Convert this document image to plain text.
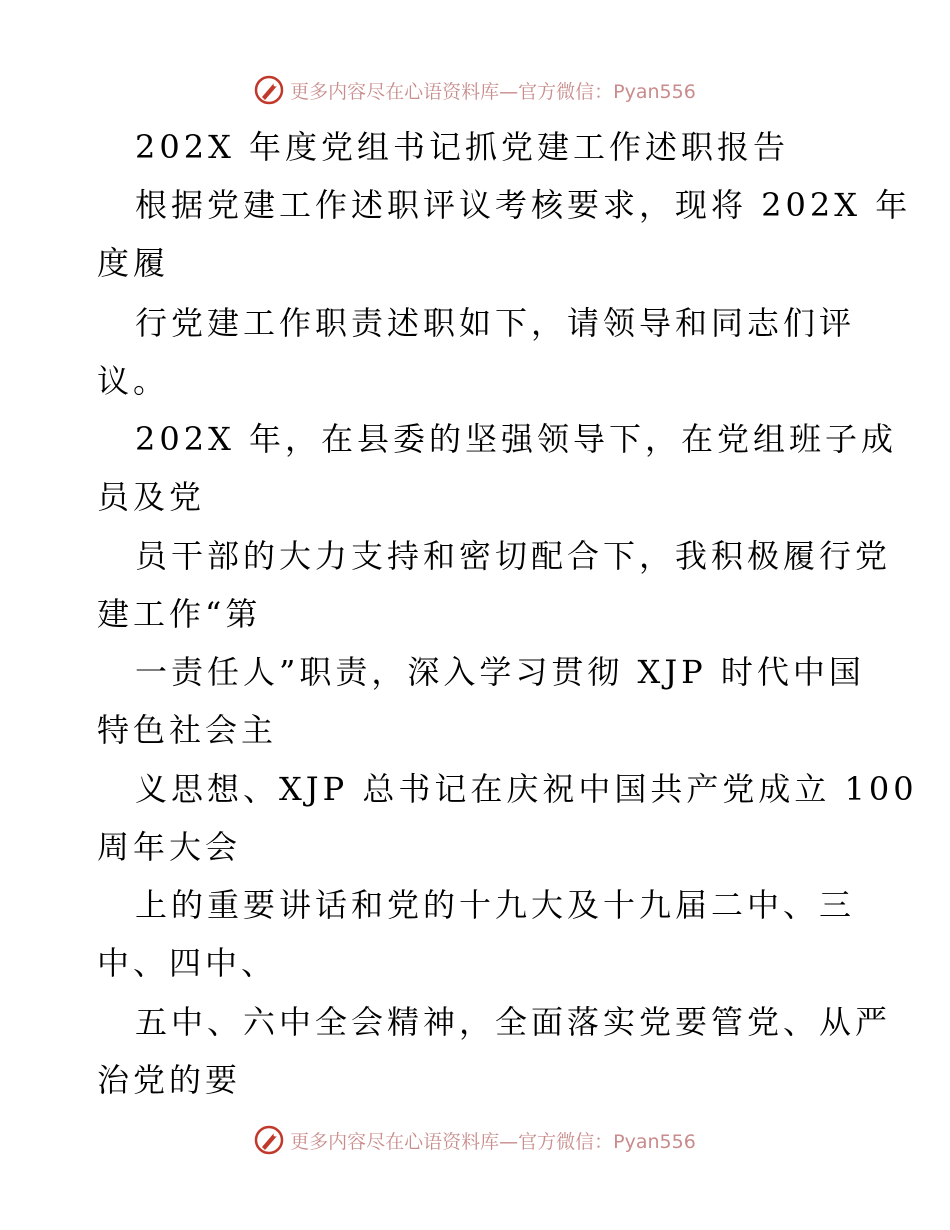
更多内容尽在心语资料库—官方微信：Pyan556
202X 年度党组书记抓党建工作述职报告
根据党建工作述职评议考核要求，现将 202X 年
度履
行党建工作职责述职如下，请领导和同志们评
议。
202X 年，在县委的坚强领导下，在党组班子成
员及党
员干部的大力支持和密切配合下，我积极履行党
建工作“第
一责任人”职责，深入学习贯彻 XJP 时代中国
特色社会主
义思想、XJP 总书记在庆祝中国共产党成立 100
周年大会
上的重要讲话和党的十九大及十九届二中、三
中、四中、
五中、六中全会精神，全面落实党要管党、从严
治党的要
更多内容尽在心语资料库—官方微信：Pyan556
